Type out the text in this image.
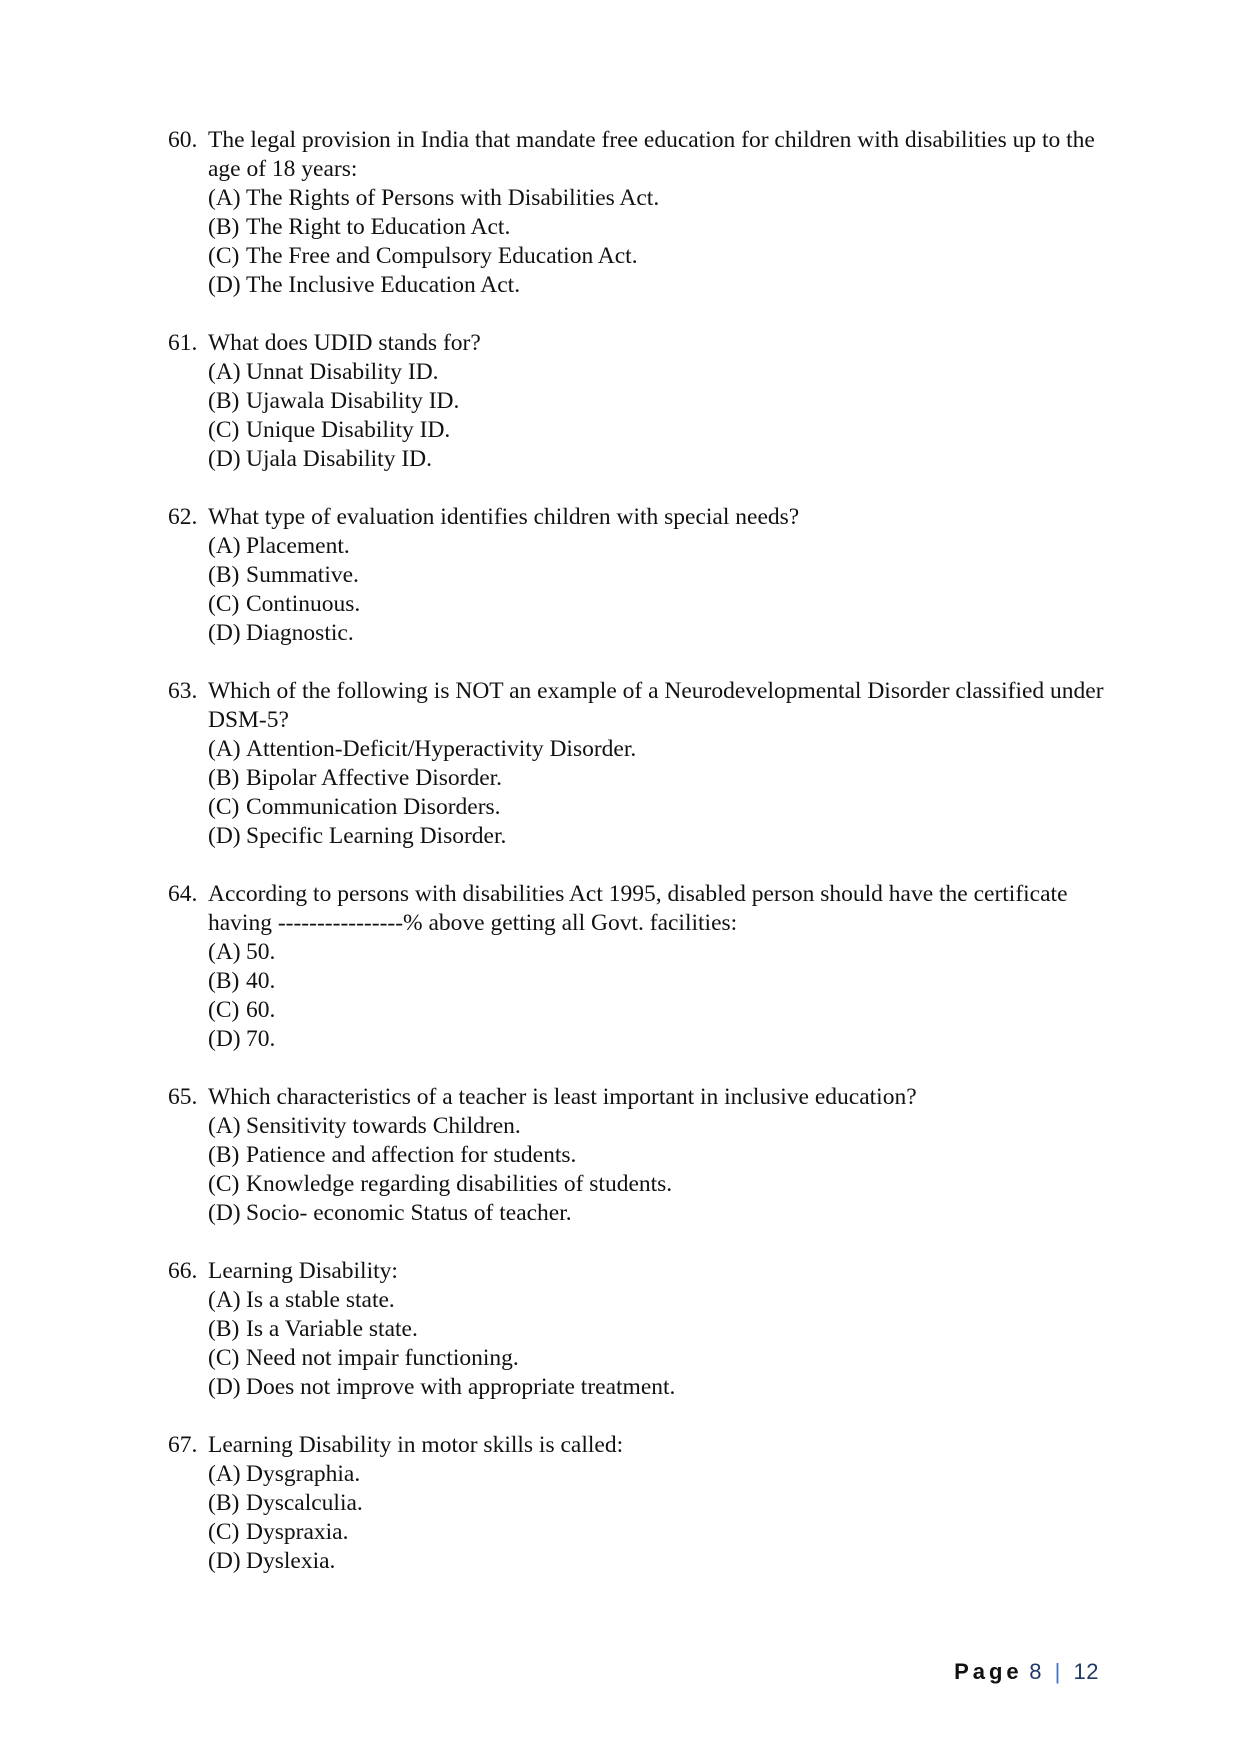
60. The legal provision in India that mandate free education for children with disabilities up to the age of 18 years:
(A) The Rights of Persons with Disabilities Act.
(B) The Right to Education Act.
(C) The Free and Compulsory Education Act.
(D) The Inclusive Education Act.
61. What does UDID stands for?
(A) Unnat Disability ID.
(B) Ujawala Disability ID.
(C) Unique Disability ID.
(D) Ujala Disability ID.
62. What type of evaluation identifies children with special needs?
(A) Placement.
(B) Summative.
(C) Continuous.
(D) Diagnostic.
63. Which of the following is NOT an example of a Neurodevelopmental Disorder classified under DSM-5?
(A) Attention-Deficit/Hyperactivity Disorder.
(B) Bipolar Affective Disorder.
(C) Communication Disorders.
(D) Specific Learning Disorder.
64. According to persons with disabilities Act 1995, disabled person should have the certificate having ----------------% above getting all Govt. facilities:
(A) 50.
(B) 40.
(C) 60.
(D) 70.
65. Which characteristics of a teacher is least important in inclusive education?
(A) Sensitivity towards Children.
(B) Patience and affection for students.
(C) Knowledge regarding disabilities of students.
(D) Socio- economic Status of teacher.
66. Learning Disability:
(A) Is a stable state.
(B) Is a Variable state.
(C) Need not impair functioning.
(D) Does not improve with appropriate treatment.
67. Learning Disability in motor skills is called:
(A) Dysgraphia.
(B) Dyscalculia.
(C) Dyspraxia.
(D) Dyslexia.
Page 8 | 12
